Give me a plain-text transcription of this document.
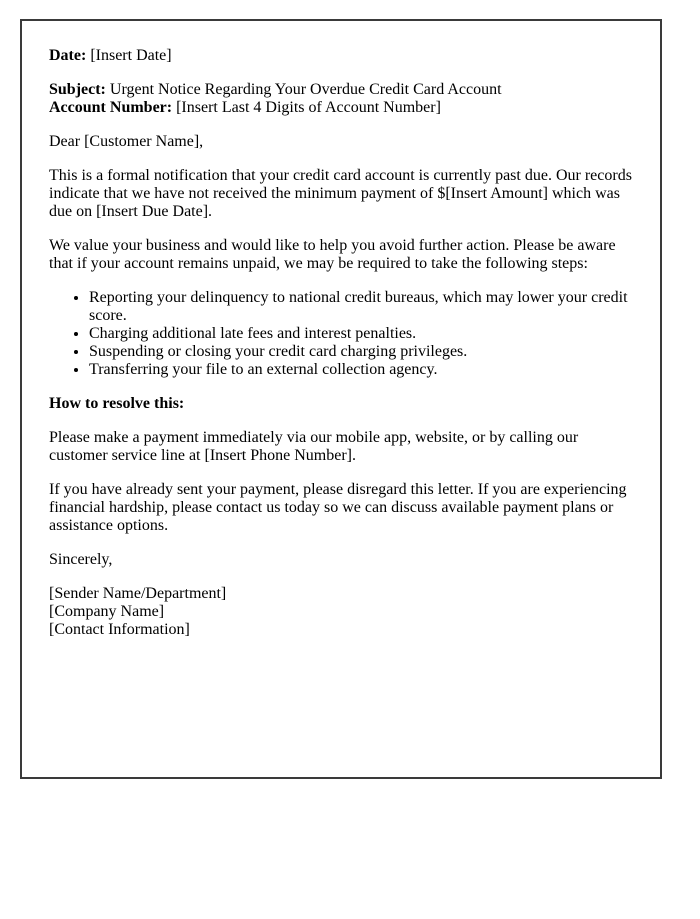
Date: [Insert Date]

Subject: Urgent Notice Regarding Your Overdue Credit Card Account
Account Number: [Insert Last 4 Digits of Account Number]

Dear [Customer Name],

This is a formal notification that your credit card account is currently past due. Our records indicate that we have not received the minimum payment of $[Insert Amount] which was due on [Insert Due Date].

We value your business and would like to help you avoid further action. Please be aware that if your account remains unpaid, we may be required to take the following steps:

• Reporting your delinquency to national credit bureaus, which may lower your credit score.
• Charging additional late fees and interest penalties.
• Suspending or closing your credit card charging privileges.
• Transferring your file to an external collection agency.

How to resolve this:

Please make a payment immediately via our mobile app, website, or by calling our customer service line at [Insert Phone Number].

If you have already sent your payment, please disregard this letter. If you are experiencing financial hardship, please contact us today so we can discuss available payment plans or assistance options.

Sincerely,

[Sender Name/Department]
[Company Name]
[Contact Information]
